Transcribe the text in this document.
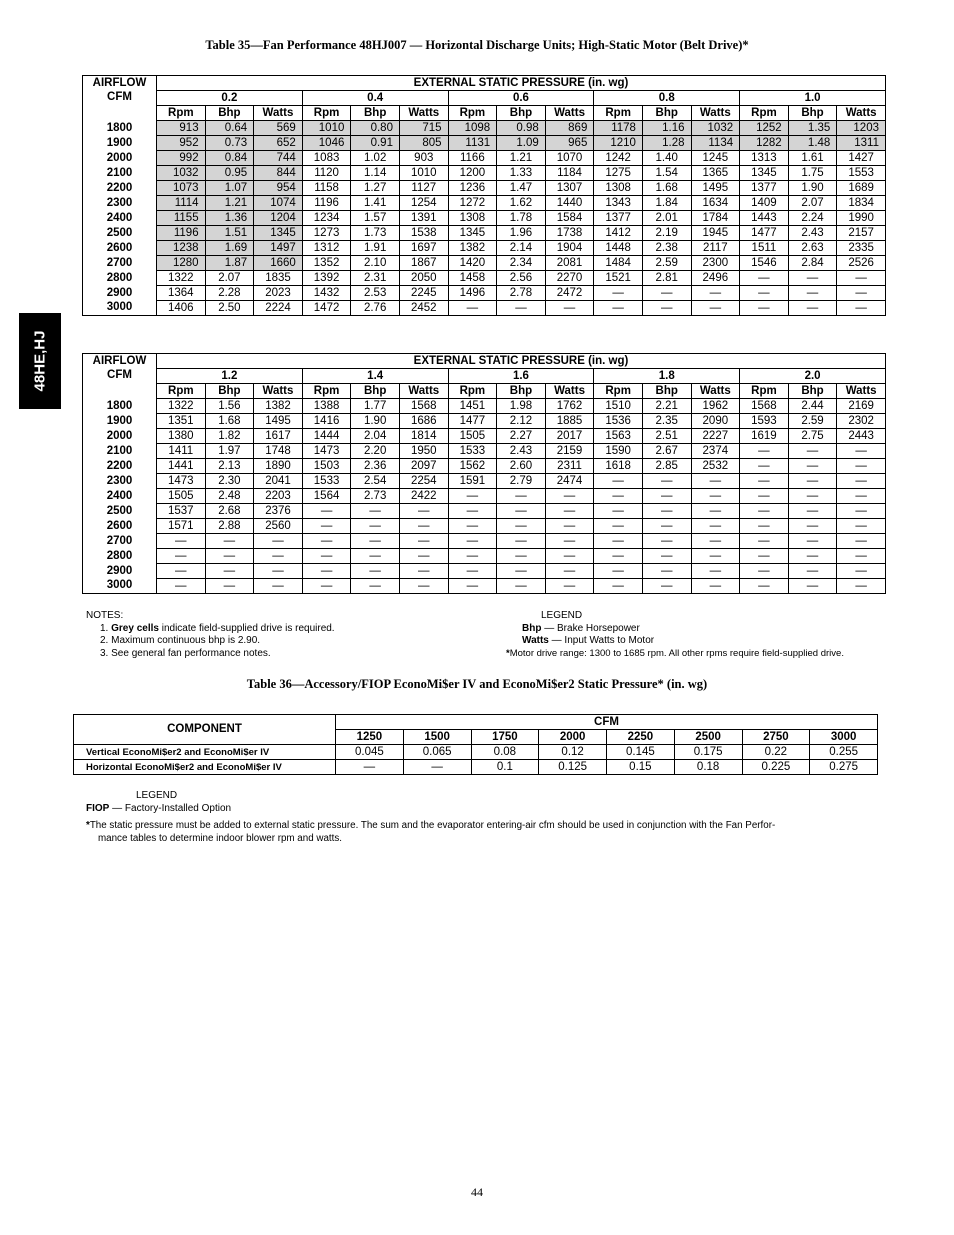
Table 35—Fan Performance 48HJ007 — Horizontal Discharge Units; High-Static Motor (Belt Drive)*
48HE,HJ
AIRFLOW	EXTERNAL STATIC PRESSURE (in. wg)														
CFM	0.2			0.4			0.6			0.8			1.0		
	Rpm	Bhp	Watts	Rpm	Bhp	Watts	Rpm	Bhp	Watts	Rpm	Bhp	Watts	Rpm	Bhp	Watts
1800	913	0.64	569	1010	0.80	715	1098	0.98	869	1178	1.16	1032	1252	1.35	1203
1900	952	0.73	652	1046	0.91	805	1131	1.09	965	1210	1.28	1134	1282	1.48	1311
2000	992	0.84	744	1083	1.02	903	1166	1.21	1070	1242	1.40	1245	1313	1.61	1427
2100	1032	0.95	844	1120	1.14	1010	1200	1.33	1184	1275	1.54	1365	1345	1.75	1553
2200	1073	1.07	954	1158	1.27	1127	1236	1.47	1307	1308	1.68	1495	1377	1.90	1689
2300	1114	1.21	1074	1196	1.41	1254	1272	1.62	1440	1343	1.84	1634	1409	2.07	1834
2400	1155	1.36	1204	1234	1.57	1391	1308	1.78	1584	1377	2.01	1784	1443	2.24	1990
2500	1196	1.51	1345	1273	1.73	1538	1345	1.96	1738	1412	2.19	1945	1477	2.43	2157
2600	1238	1.69	1497	1312	1.91	1697	1382	2.14	1904	1448	2.38	2117	1511	2.63	2335
2700	1280	1.87	1660	1352	2.10	1867	1420	2.34	2081	1484	2.59	2300	1546	2.84	2526
2800	1322	2.07	1835	1392	2.31	2050	1458	2.56	2270	1521	2.81	2496	—	—	—
2900	1364	2.28	2023	1432	2.53	2245	1496	2.78	2472	—	—	—	—	—	—
3000	1406	2.50	2224	1472	2.76	2452	—	—	—	—	—	—	—	—	—
AIRFLOW	EXTERNAL STATIC PRESSURE (in. wg)														
CFM	1.2			1.4			1.6			1.8			2.0		
	Rpm	Bhp	Watts	Rpm	Bhp	Watts	Rpm	Bhp	Watts	Rpm	Bhp	Watts	Rpm	Bhp	Watts
1800	1322	1.56	1382	1388	1.77	1568	1451	1.98	1762	1510	2.21	1962	1568	2.44	2169
1900	1351	1.68	1495	1416	1.90	1686	1477	2.12	1885	1536	2.35	2090	1593	2.59	2302
2000	1380	1.82	1617	1444	2.04	1814	1505	2.27	2017	1563	2.51	2227	1619	2.75	2443
2100	1411	1.97	1748	1473	2.20	1950	1533	2.43	2159	1590	2.67	2374	—	—	—
2200	1441	2.13	1890	1503	2.36	2097	1562	2.60	2311	1618	2.85	2532	—	—	—
2300	1473	2.30	2041	1533	2.54	2254	1591	2.79	2474	—	—	—	—	—	—
2400	1505	2.48	2203	1564	2.73	2422	—	—	—	—	—	—	—	—	—
2500	1537	2.68	2376	—	—	—	—	—	—	—	—	—	—	—	—
2600	1571	2.88	2560	—	—	—	—	—	—	—	—	—	—	—	—
2700	—	—	—	—	—	—	—	—	—	—	—	—	—	—	—
2800	—	—	—	—	—	—	—	—	—	—	—	—	—	—	—
2900	—	—	—	—	—	—	—	—	—	—	—	—	—	—	—
3000	—	—	—	—	—	—	—	—	—	—	—	—	—	—	—
NOTES:
1. Grey cells indicate field-supplied drive is required.
2. Maximum continuous bhp is 2.90.
3. See general fan performance notes.
LEGEND
Bhp — Brake Horsepower
Watts — Input Watts to Motor
*Motor drive range: 1300 to 1685 rpm. All other rpms require field-supplied drive.
Table 36—Accessory/FIOP EconoMi$er IV and EconoMi$er2 Static Pressure* (in. wg)
COMPONENT	CFM							
	1250	1500	1750	2000	2250	2500	2750	3000
Vertical EconoMi$er2 and EconoMi$er IV	0.045	0.065	0.08	0.12	0.145	0.175	0.22	0.255
Horizontal EconoMi$er2 and EconoMi$er IV	—	—	0.1	0.125	0.15	0.18	0.225	0.275
LEGEND
FIOP — Factory-Installed Option
*The static pressure must be added to external static pressure. The sum and the evaporator entering-air cfm should be used in conjunction with the Fan Perfor-
mance tables to determine indoor blower rpm and watts.
44
